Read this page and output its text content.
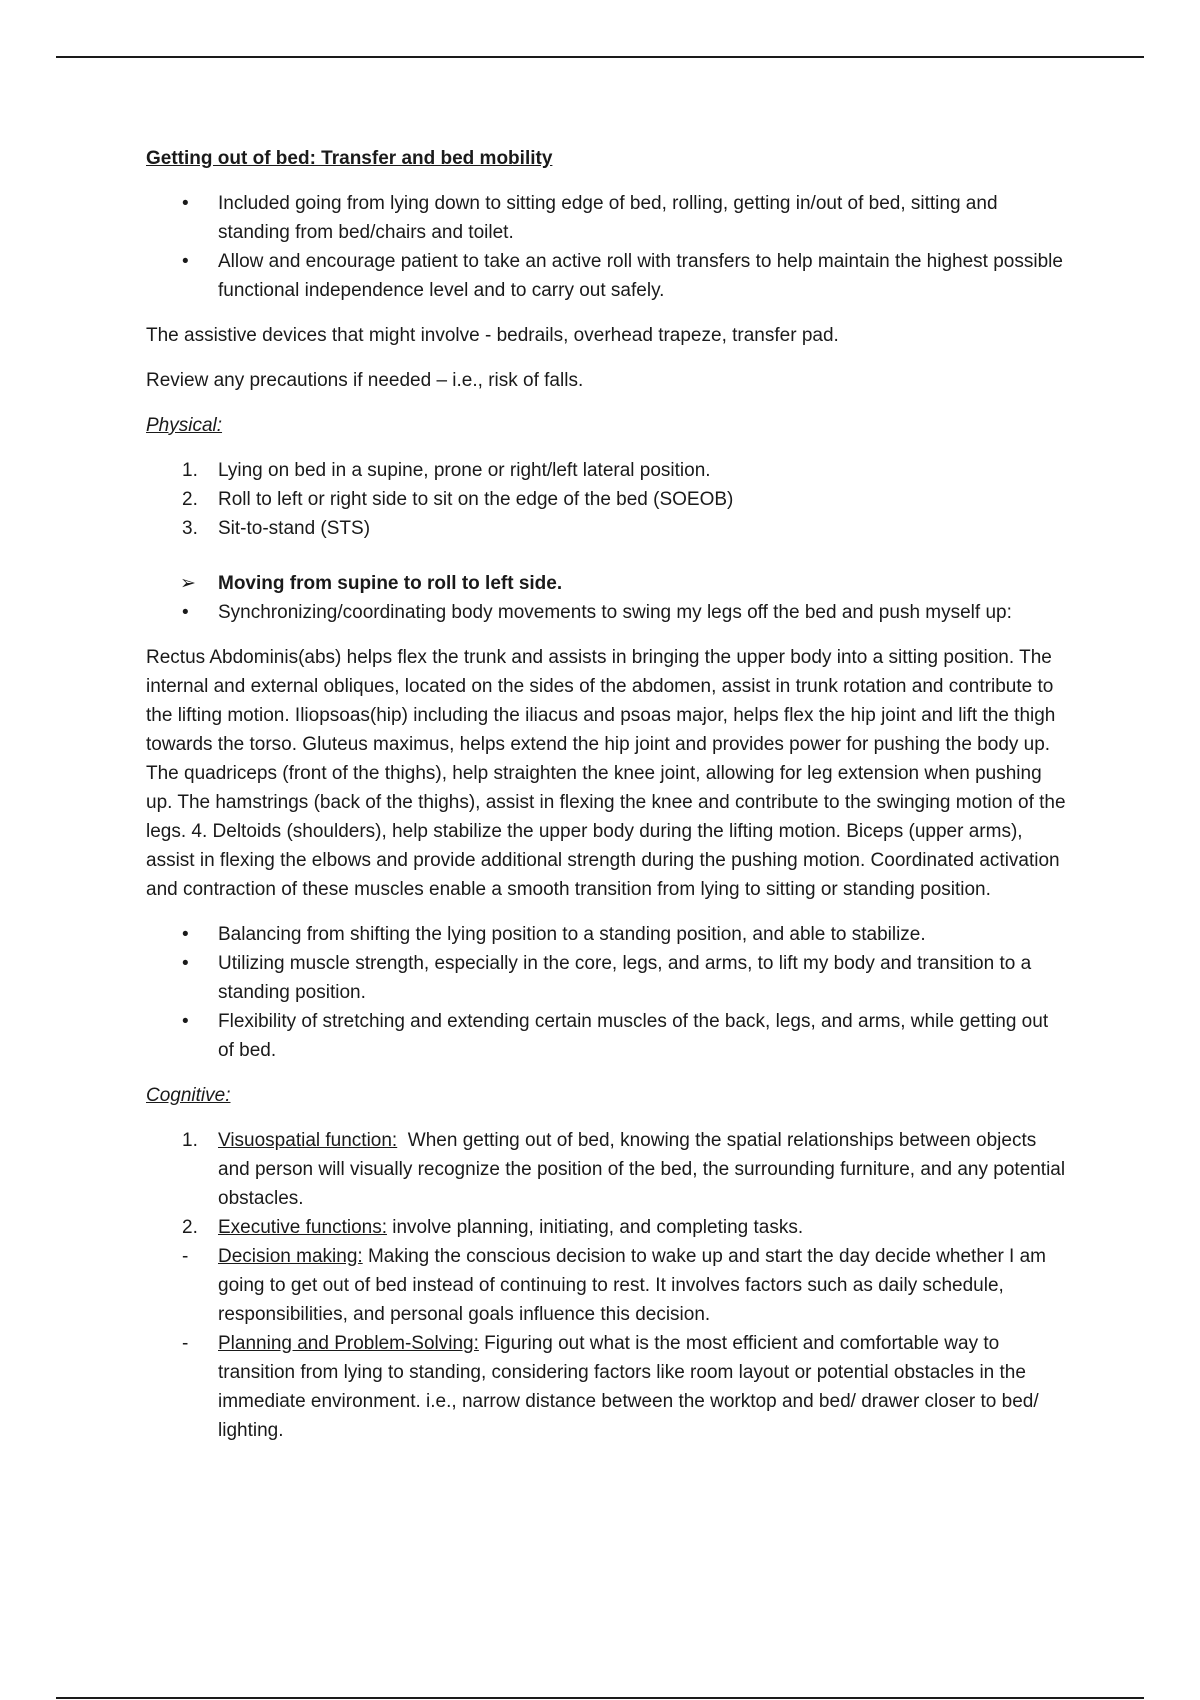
Getting out of bed: Transfer and bed mobility

• Included going from lying down to sitting edge of bed, rolling, getting in/out of bed, sitting and standing from bed/chairs and toilet.
• Allow and encourage patient to take an active roll with transfers to help maintain the highest possible functional independence level and to carry out safely.

The assistive devices that might involve - bedrails, overhead trapeze, transfer pad.

Review any precautions if needed – i.e., risk of falls.

Physical:

1. Lying on bed in a supine, prone or right/left lateral position.
2. Roll to left or right side to sit on the edge of the bed (SOEOB)
3. Sit-to-stand (STS)
➢ Moving from supine to roll to left side.
• Synchronizing/coordinating body movements to swing my legs off the bed and push myself up:

Rectus Abdominis(abs) helps flex the trunk and assists in bringing the upper body into a sitting position. The internal and external obliques, located on the sides of the abdomen, assist in trunk rotation and contribute to the lifting motion. Iliopsoas(hip) including the iliacus and psoas major, helps flex the hip joint and lift the thigh towards the torso. Gluteus maximus, helps extend the hip joint and provides power for pushing the body up. The quadriceps (front of the thighs), help straighten the knee joint, allowing for leg extension when pushing up. The hamstrings (back of the thighs), assist in flexing the knee and contribute to the swinging motion of the legs. 4. Deltoids (shoulders), help stabilize the upper body during the lifting motion. Biceps (upper arms), assist in flexing the elbows and provide additional strength during the pushing motion. Coordinated activation and contraction of these muscles enable a smooth transition from lying to sitting or standing position.

• Balancing from shifting the lying position to a standing position, and able to stabilize.
• Utilizing muscle strength, especially in the core, legs, and arms, to lift my body and transition to a standing position.
• Flexibility of stretching and extending certain muscles of the back, legs, and arms, while getting out of bed.

Cognitive:

1. Visuospatial function:  When getting out of bed, knowing the spatial relationships between objects and person will visually recognize the position of the bed, the surrounding furniture, and any potential obstacles.
2. Executive functions: involve planning, initiating, and completing tasks.
- Decision making: Making the conscious decision to wake up and start the day decide whether I am going to get out of bed instead of continuing to rest. It involves factors such as daily schedule, responsibilities, and personal goals influence this decision.
- Planning and Problem-Solving: Figuring out what is the most efficient and comfortable way to transition from lying to standing, considering factors like room layout or potential obstacles in the immediate environment. i.e., narrow distance between the worktop and bed/ drawer closer to bed/ lighting.
